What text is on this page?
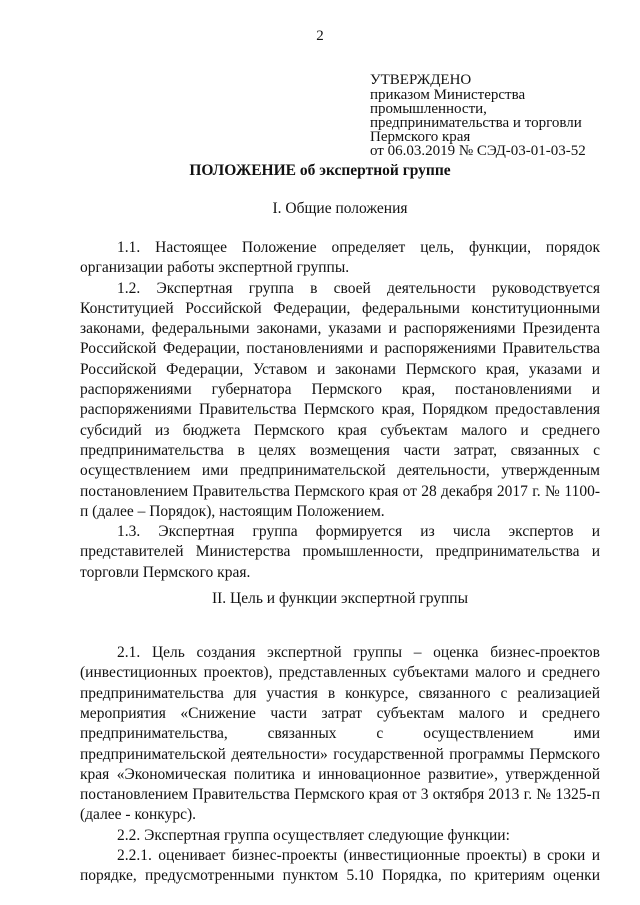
2
УТВЕРЖДЕНО
приказом Министерства
промышленности,
предпринимательства и торговли
Пермского края
от 06.03.2019 № СЭД-03-01-03-52
ПОЛОЖЕНИЕ об экспертной группе
I. Общие положения

1.1. Настоящее Положение определяет цель, функции, порядок организации работы экспертной группы.

1.2. Экспертная группа в своей деятельности руководствуется Конституцией Российской Федерации, федеральными конституционными законами, федеральными законами, указами и распоряжениями Президента Российской Федерации, постановлениями и распоряжениями Правительства Российской Федерации, Уставом и законами Пермского края, указами и распоряжениями губернатора Пермского края, постановлениями и распоряжениями Правительства Пермского края, Порядком предоставления субсидий из бюджета Пермского края субъектам малого и среднего предпринимательства в целях возмещения части затрат, связанных с осуществлением ими предпринимательской деятельности, утвержденным постановлением Правительства Пермского края от 28 декабря 2017 г. № 1100-п (далее – Порядок), настоящим Положением.

1.3. Экспертная группа формируется из числа экспертов и представителей Министерства промышленности, предпринимательства и торговли Пермского края.

II. Цель и функции экспертной группы

2.1. Цель создания экспертной группы – оценка бизнес-проектов (инвестиционных проектов), представленных субъектами малого и среднего предпринимательства для участия в конкурсе, связанного с реализацией мероприятия «Снижение части затрат субъектам малого и среднего предпринимательства, связанных с осуществлением ими предпринимательской деятельности» государственной программы Пермского края «Экономическая политика и инновационное развитие», утвержденной постановлением Правительства Пермского края от 3 октября 2013 г. № 1325-п (далее - конкурс).

2.2. Экспертная группа осуществляет следующие функции:

2.2.1. оценивает бизнес-проекты (инвестиционные проекты) в сроки и порядке, предусмотренными пунктом 5.10 Порядка, по критериям оценки
